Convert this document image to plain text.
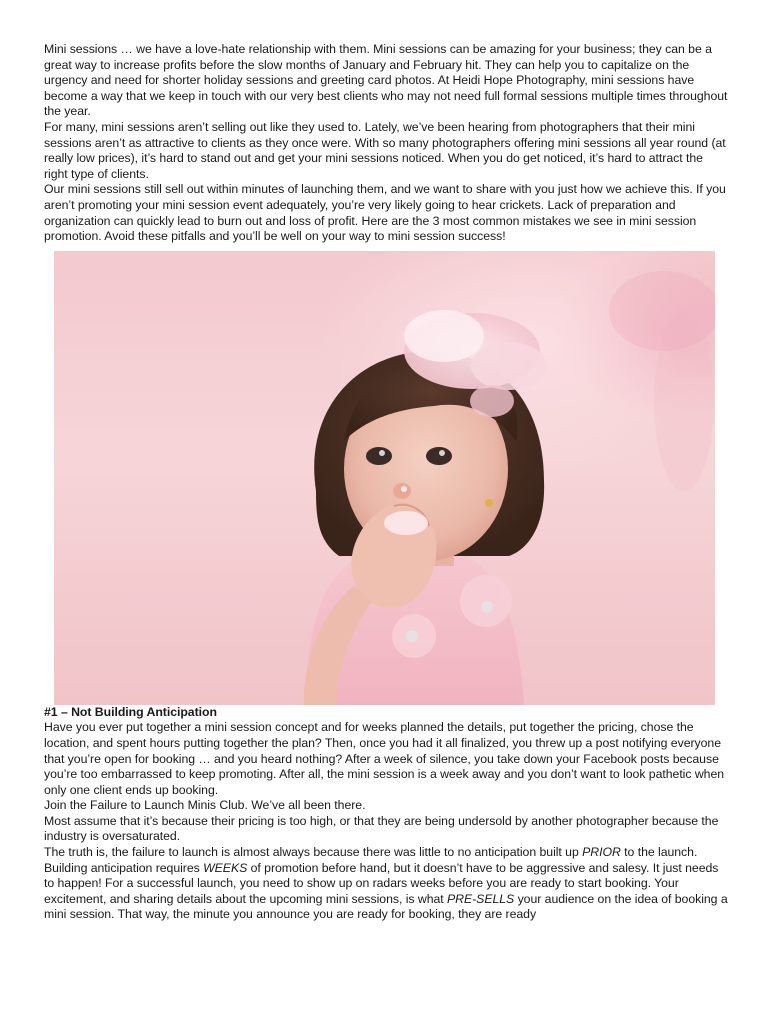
Mini sessions … we have a love-hate relationship with them. Mini sessions can be amazing for your business; they can be a great way to increase profits before the slow months of January and February hit. They can help you to capitalize on the urgency and need for shorter holiday sessions and greeting card photos. At Heidi Hope Photography, mini sessions have become a way that we keep in touch with our very best clients who may not need full formal sessions multiple times throughout the year.

For many, mini sessions aren’t selling out like they used to. Lately, we’ve been hearing from photographers that their mini sessions aren’t as attractive to clients as they once were. With so many photographers offering mini sessions all year round (at really low prices), it’s hard to stand out and get your mini sessions noticed. When you do get noticed, it’s hard to attract the right type of clients.

Our mini sessions still sell out within minutes of launching them, and we want to share with you just how we achieve this. If you aren’t promoting your mini session event adequately, you’re very likely going to hear crickets. Lack of preparation and organization can quickly lead to burn out and loss of profit. Here are the 3 most common mistakes we see in mini session promotion. Avoid these pitfalls and you’ll be well on your way to mini session success!

#1 – Not Building Anticipation

Have you ever put together a mini session concept and for weeks planned the details, put together the pricing, chose the location, and spent hours putting together the plan? Then, once you had it all finalized, you threw up a post notifying everyone that you’re open for booking … and you heard nothing? After a week of silence, you take down your Facebook posts because you’re too embarrassed to keep promoting. After all, the mini session is a week away and you don’t want to look pathetic when only one client ends up booking.

Join the Failure to Launch Minis Club. We’ve all been there.

Most assume that it’s because their pricing is too high, or that they are being undersold by another photographer because the industry is oversaturated.

The truth is, the failure to launch is almost always because there was little to no anticipation built up PRIOR to the launch.

Building anticipation requires WEEKS of promotion before hand, but it doesn’t have to be aggressive and salesy. It just needs to happen! For a successful launch, you need to show up on radars weeks before you are ready to start booking. Your excitement, and sharing details about the upcoming mini sessions, is what PRE-SELLS your audience on the idea of booking a mini session. That way, the minute you announce you are ready for booking, they are ready
